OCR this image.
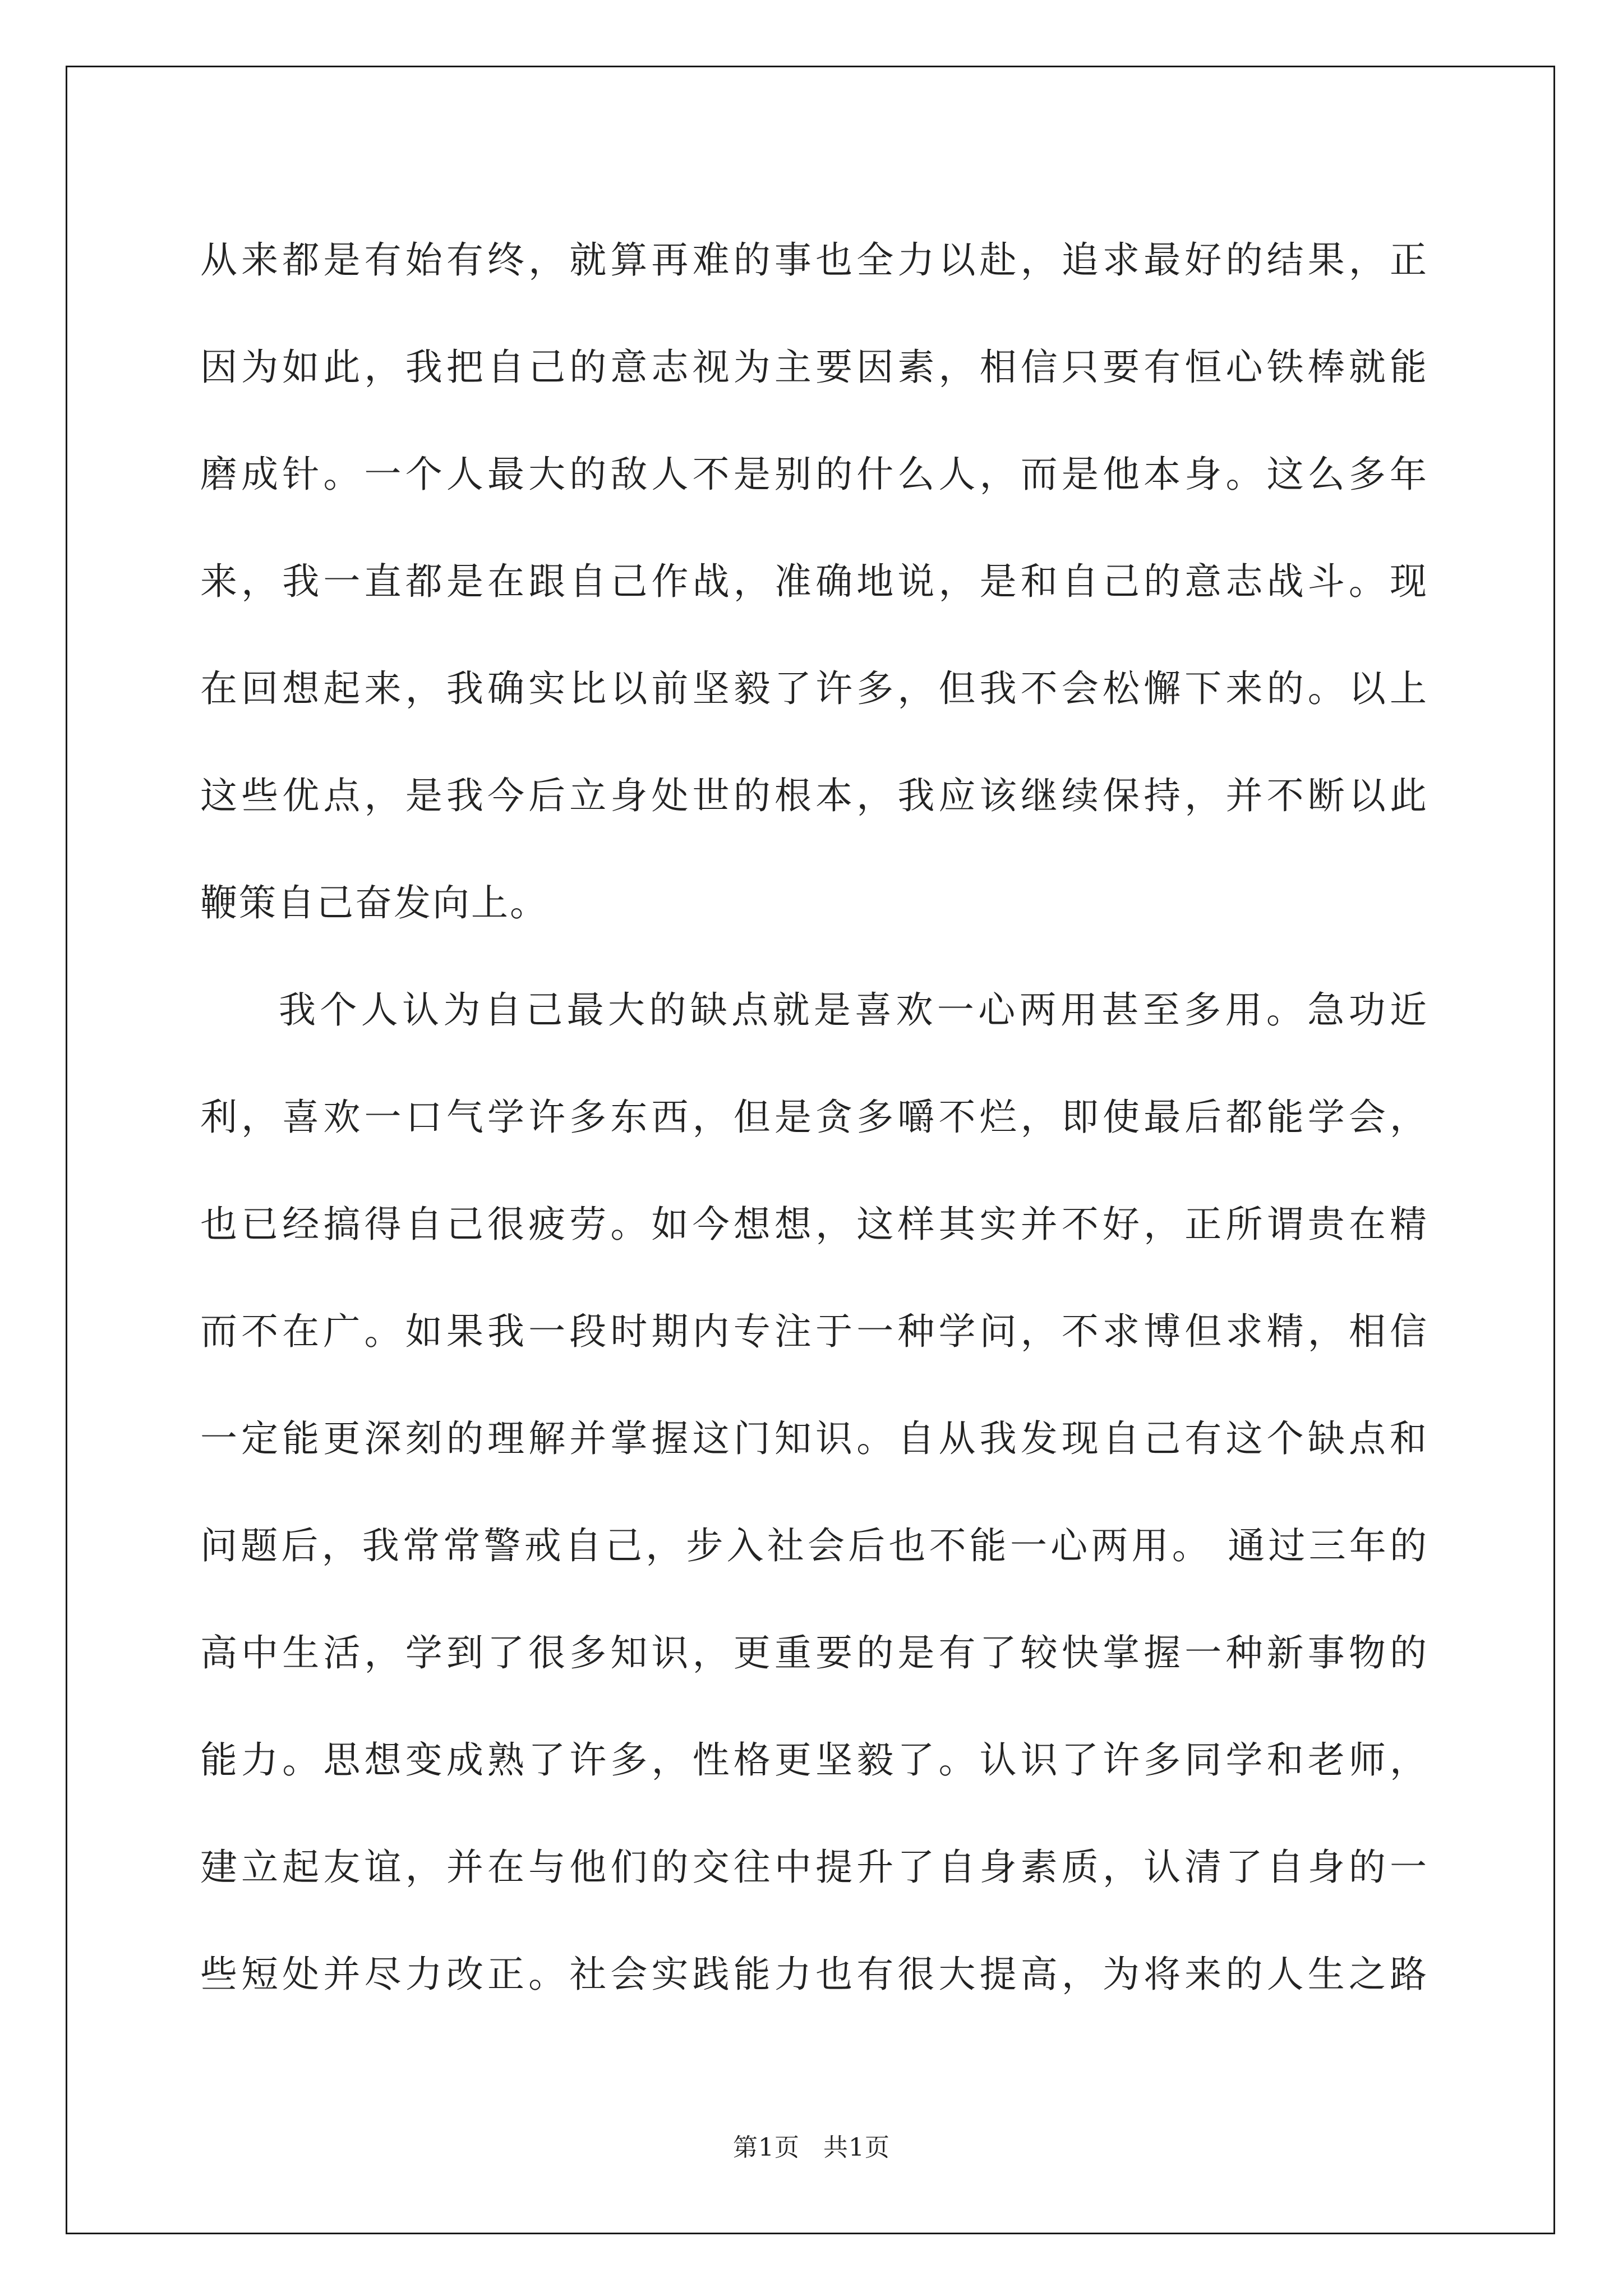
从来都是有始有终，就算再难的事也全力以赴，追求最好的结果，正
因为如此，我把自己的意志视为主要因素，相信只要有恒心铁棒就能
磨成针。一个人最大的敌人不是别的什么人，而是他本身。这么多年
来，我一直都是在跟自己作战，准确地说，是和自己的意志战斗。现
在回想起来，我确实比以前坚毅了许多，但我不会松懈下来的。以上
这些优点，是我今后立身处世的根本，我应该继续保持，并不断以此
鞭策自己奋发向上。
我个人认为自己最大的缺点就是喜欢一心两用甚至多用。急功近
利，喜欢一口气学许多东西，但是贪多嚼不烂，即使最后都能学会，
也已经搞得自己很疲劳。如今想想，这样其实并不好，正所谓贵在精
而不在广。如果我一段时期内专注于一种学问，不求博但求精，相信
一定能更深刻的理解并掌握这门知识。自从我发现自己有这个缺点和
问题后，我常常警戒自己，步入社会后也不能一心两用。 通过三年的
高中生活，学到了很多知识，更重要的是有了较快掌握一种新事物的
能力。思想变成熟了许多，性格更坚毅了。认识了许多同学和老师，
建立起友谊，并在与他们的交往中提升了自身素质，认清了自身的一
些短处并尽力改正。社会实践能力也有很大提高，为将来的人生之路
第1页 共1页
